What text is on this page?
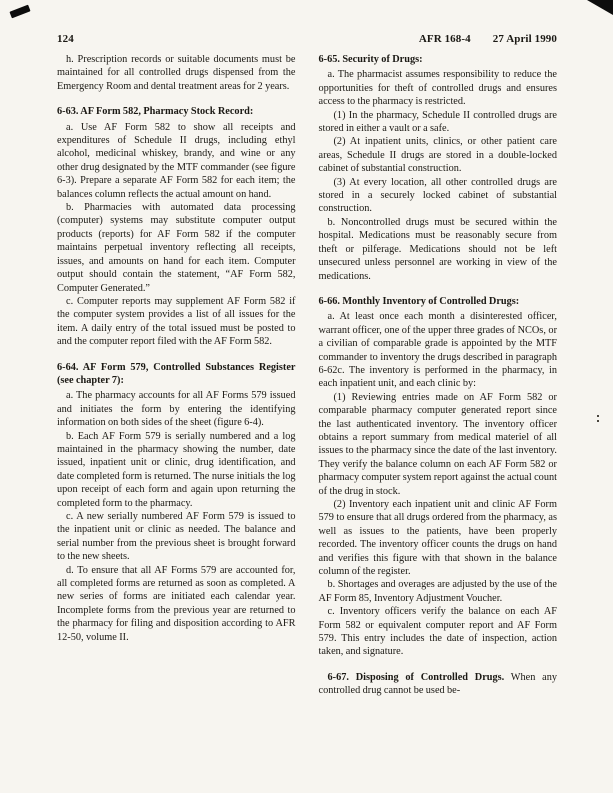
124	AFR 168-4 27 April 1990

h. Prescription records or suitable documents must be maintained for all controlled drugs dispensed from the Emergency Room and dental treatment areas for 2 years.

6-63. AF Form 582, Pharmacy Stock Record:

a. Use AF Form 582 to show all receipts and expenditures of Schedule II drugs, including ethyl alcohol, medicinal whiskey, brandy, and wine or any other drug designated by the MTF commander (see figure 6-3). Prepare a separate AF Form 582 for each item; the balances column reflects the actual amount on hand.

b. Pharmacies with automated data processing (computer) systems may substitute computer output products (reports) for AF Form 582 if the computer maintains perpetual inventory reflecting all receipts, issues, and amounts on hand for each item. Computer output should contain the statement, “AF Form 582, Computer Generated.”

c. Computer reports may supplement AF Form 582 if the computer system provides a list of all issues for the item. A daily entry of the total issued must be posted to and the computer report filed with the AF Form 582.

6-64. AF Form 579, Controlled Substances Register (see chapter 7):

a. The pharmacy accounts for all AF Forms 579 issued and initiates the form by entering the identifying information on both sides of the sheet (figure 6-4).

b. Each AF Form 579 is serially numbered and a log maintained in the pharmacy showing the number, date issued, inpatient unit or clinic, drug identification, and date completed form is returned. The nurse initials the log upon receipt of each form and again upon returning the completed form to the pharmacy.

c. A new serially numbered AF Form 579 is issued to the inpatient unit or clinic as needed. The balance and serial number from the previous sheet is brought forward to the new sheets.

d. To ensure that all AF Forms 579 are accounted for, all completed forms are returned as soon as completed. A new series of forms are initiated each calendar year. Incomplete forms from the previous year are returned to the pharmacy for filing and disposition according to AFR 12-50, volume II.

6-65. Security of Drugs:

a. The pharmacist assumes responsibility to reduce the opportunities for theft of controlled drugs and ensures access to the pharmacy is restricted.

(1) In the pharmacy, Schedule II controlled drugs are stored in either a vault or a safe.

(2) At inpatient units, clinics, or other patient care areas, Schedule II drugs are stored in a double-locked cabinet of substantial construction.

(3) At every location, all other controlled drugs are stored in a securely locked cabinet of substantial construction.

b. Noncontrolled drugs must be secured within the hospital. Medications must be reasonably secure from theft or pilferage. Medications should not be left unsecured unless personnel are working in view of the medications.

6-66. Monthly Inventory of Controlled Drugs:

a. At least once each month a disinterested officer, warrant officer, one of the upper three grades of NCOs, or a civilian of comparable grade is appointed by the MTF commander to inventory the drugs described in paragraph 6-62c. The inventory is performed in the pharmacy, in each inpatient unit, and each clinic by:

(1) Reviewing entries made on AF Form 582 or comparable pharmacy computer generated report since the last authenticated inventory. The inventory officer obtains a report summary from medical materiel of all issues to the pharmacy since the date of the last inventory. They verify the balance column on each AF Form 582 or pharmacy computer system report against the actual count of the drug in stock.

(2) Inventory each inpatient unit and clinic AF Form 579 to ensure that all drugs ordered from the pharmacy, as well as issues to the patients, have been properly recorded. The inventory officer counts the drugs on hand and verifies this figure with that shown in the balance column of the register.

b. Shortages and overages are adjusted by the use of the AF Form 85, Inventory Adjustment Voucher.

c. Inventory officers verify the balance on each AF Form 582 or equivalent computer report and AF Form 579. This entry includes the date of inspection, action taken, and signature.

6-67. Disposing of Controlled Drugs. When any controlled drug cannot be used be-
